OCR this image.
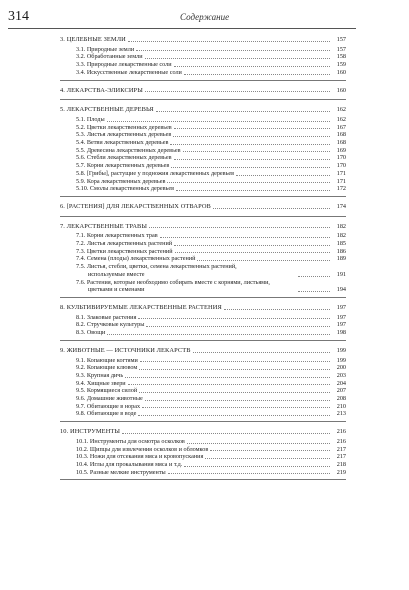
314	Содержание
3. ЦЕЛЕБНЫЕ ЗЕМЛИ	157
3.1. Природные земли	157
3.2. Обработанные земли	158
3.3. Природные лекарственные соли	159
3.4. Искусственные лекарственные соли	160
4. ЛЕКАРСТВА-ЭЛИКСИРЫ	160
5. ЛЕКАРСТВЕННЫЕ ДЕРЕВЬЯ	162
5.1. Плоды	162
5.2. Цветки лекарственных деревьев	167
5.3. Листья лекарственных деревьев	168
5.4. Ветви лекарственных деревьев	168
5.5. Древесина лекарственных деревьев	169
5.6. Стебли лекарственных деревьев	170
5.7. Корни лекарственных деревьев	170
5.8. [Грибы], растущие у подножия лекарственных деревьев	171
5.9. Кора лекарственных деревьев	171
5.10. Смолы лекарственных деревьев	172
6. [РАСТЕНИЯ] ДЛЯ ЛЕКАРСТВЕННЫХ ОТВАРОВ	174
7. ЛЕКАРСТВЕННЫЕ ТРАВЫ	182
7.1. Корни лекарственных трав	182
7.2. Листья лекарственных растений	185
7.3. Цветки лекарственных растений	186
7.4. Семена (плоды) лекарственных растений	189
7.5. Листья, стебли, цветки, семена лекарственных растений,
используемые вместе	191
7.6. Растения, которые необходимо собирать вместе с корнями, листьями,
цветками и семенами	194
8. КУЛЬТИВИРУЕМЫЕ ЛЕКАРСТВЕННЫЕ РАСТЕНИЯ	197
8.1. Злаковые растения	197
8.2. Стручковые культуры	197
8.3. Овощи	198
9. ЖИВОТНЫЕ — ИСТОЧНИКИ ЛЕКАРСТВ	199
9.1. Копающие когтями	199
9.2. Копающие клювом	200
9.3. Крупная дичь	203
9.4. Хищные звери	204
9.5. Кормящиеся силой	207
9.6. Домашние животные	208
9.7. Обитающие в норах	210
9.8. Обитающие в воде	213
10. ИНСТРУМЕНТЫ	216
10.1. Инструменты для осмотра осколков	216
10.2. Щипцы для извлечения осколков и обломков	217
10.3. Ножи для отсекания мяса и кровопускания	217
10.4. Иглы для прокалывания мяса и т.д.	218
10.5. Разные мелкие инструменты	219
